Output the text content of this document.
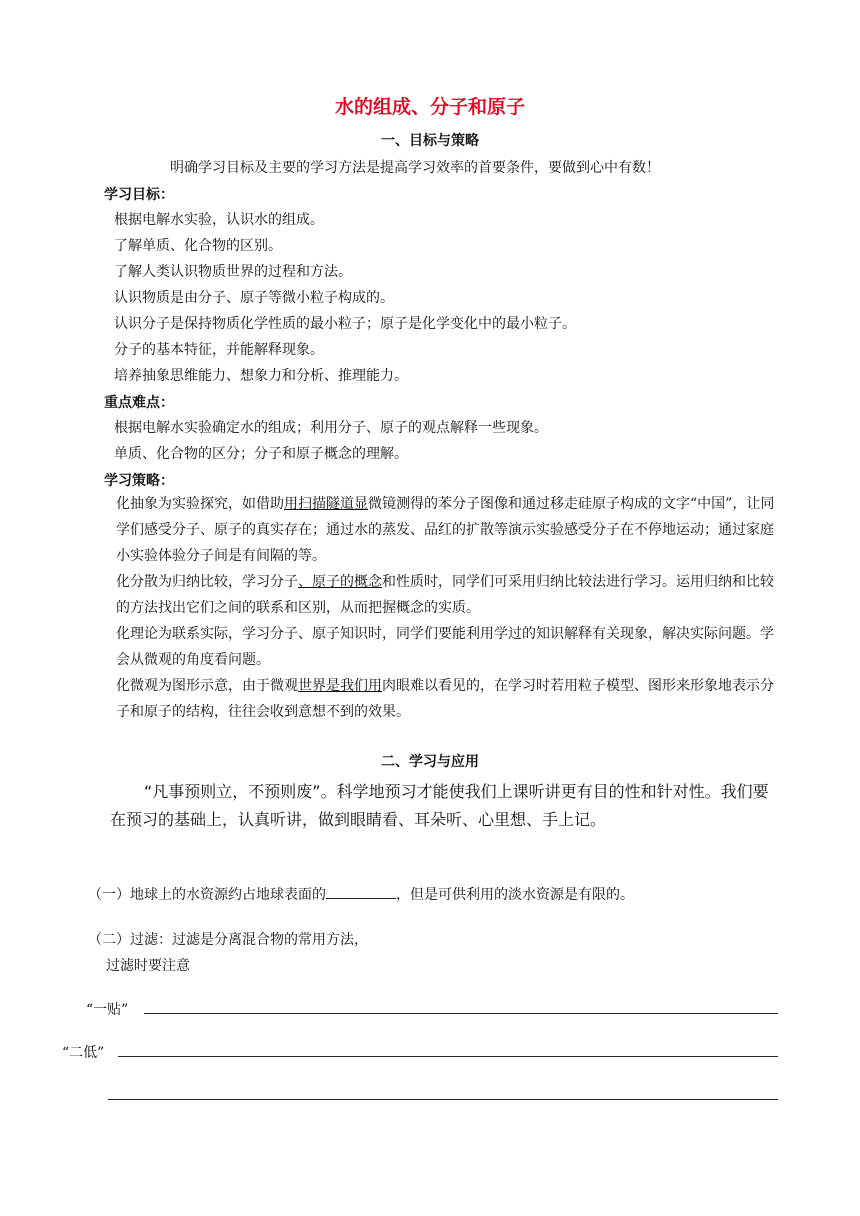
水的组成、分子和原子
一、目标与策略
明确学习目标及主要的学习方法是提高学习效率的首要条件，要做到心中有数！
学习目标：
根据电解水实验，认识水的组成。
了解单质、化合物的区别。
了解人类认识物质世界的过程和方法。
认识物质是由分子、原子等微小粒子构成的。
认识分子是保持物质化学性质的最小粒子；原子是化学变化中的最小粒子。
分子的基本特征，并能解释现象。
培养抽象思维能力、想象力和分析、推理能力。
重点难点：
根据电解水实验确定水的组成；利用分子、原子的观点解释一些现象。
单质、化合物的区分；分子和原子概念的理解。
学习策略：
化抽象为实验探究，如借助用扫描隧道显微镜测得的苯分子图像和通过移走硅原子构成的文字“中国”，让同学们感受分子、原子的真实存在；通过水的蒸发、品红的扩散等演示实验感受分子在不停地运动；通过家庭小实验体验分子间是有间隔的等。
化分散为归纳比较，学习分子、原子的概念和性质时，同学们可采用归纳比较法进行学习。运用归纳和比较的方法找出它们之间的联系和区别，从而把握概念的实质。
化理论为联系实际，学习分子、原子知识时，同学们要能利用学过的知识解释有关现象，解决实际问题。学会从微观的角度看问题。
化微观为图形示意，由于微观世界是我们用肉眼难以看见的，在学习时若用粒子模型、图形来形象地表示分子和原子的结构，往往会收到意想不到的效果。
二、学习与应用
“凡事预则立，不预则废”。科学地预习才能使我们上课听讲更有目的性和针对性。我们要在预习的基础上，认真听讲，做到眼睛看、耳朵听、心里想、手上记。
（一）地球上的水资源约占地球表面的	，但是可供利用的淡水资源是有限的。
（二）过滤：过滤是分离混合物的常用方法，
过滤时要注意
“一贴”
“二低”
